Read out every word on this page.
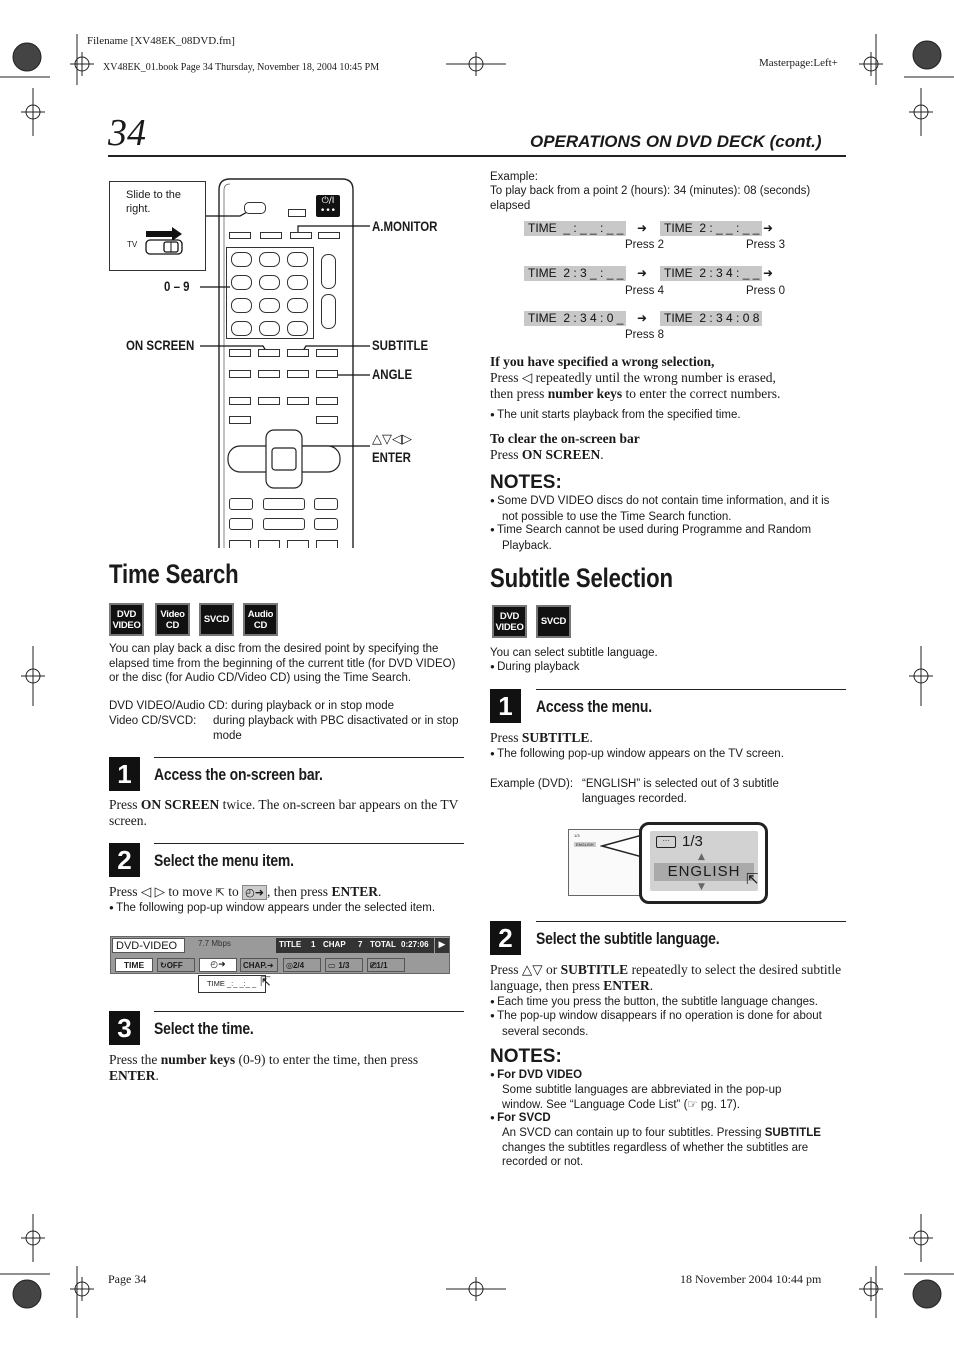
Filename [XV48EK_08DVD.fm]
XV48EK_01.book Page 34 Thursday, November 18, 2004 10:45 PM	Masterpage:Left+
34	OPERATIONS ON DVD DECK (cont.)
Slide to the right.
TV
⏻/I
•••
A.MONITOR
0 – 9
ON SCREEN	SUBTITLE
ANGLE
△▽◁▷
ENTER
Example:
To play back from a point 2 (hours): 34 (minutes): 08 (seconds) elapsed
TIME  _ : _ _ : _ _ ➜	TIME  2 : _ _ : _ _ ➜
Press 2	Press 3
TIME  2 : 3 _ : _ _ ➜	TIME  2 : 3 4 : _ _ ➜
Press 4	Press 0
TIME  2 : 3 4 : 0 _ ➜	TIME  2 : 3 4 : 0 8
Press 8
If you have specified a wrong selection,
Press ◁ repeatedly until the wrong number is erased,
then press number keys to enter the correct numbers.
● The unit starts playback from the specified time.
To clear the on-screen bar
Press ON SCREEN.
NOTES:
● Some DVD VIDEO discs do not contain time information, and it is not possible to use the Time Search function.
● Time Search cannot be used during Programme and Random Playback.
Time Search
DVD
VIDEO
Video
CD	SVCD Audio
CD
You can play back a disc from the desired point by specifying the elapsed time from the beginning of the current title (for DVD VIDEO) or the disc (for Audio CD/Video CD) using the Time Search.
DVD VIDEO/Audio CD: during playback or in stop mode
Video CD/SVCD: during playback with PBC disactivated or in stop mode
1	Access the on-screen bar.
Press ON SCREEN twice. The on-screen bar appears on the TV screen.
2	Select the menu item.
Press ◁ ▷ to move ⇱ to ◴➜ , then press ENTER.
● The following pop-up window appears under the selected item.
DVD-VIDEO	7.7 Mbps	TITLE 1 CHAP 7 TOTAL 0:27:06	▶
TIME	↻OFF	◴➜	CHAP.➜	◎2/4	▭ 1/3	⎚1/1
TIME _:_ _:_ _ ⇱
3	Select the time.
Press the number keys (0-9) to enter the time, then press ENTER.
Subtitle Selection
DVD
VIDEO SVCD
You can select subtitle language.
● During playback
1	Access the menu.
Press SUBTITLE.
● The following pop-up window appears on the TV screen.
Example (DVD): “ENGLISH” is selected out of 3 subtitle languages recorded.
1/3
ENGLISH	··· 1/3
▲
ENGLISH
▼	⇱
2	Select the subtitle language.
Press △▽ or SUBTITLE repeatedly to select the desired subtitle language, then press ENTER.
● Each time you press the button, the subtitle language changes.
● The pop-up window disappears if no operation is done for about several seconds.
NOTES:
● For DVD VIDEO
Some subtitle languages are abbreviated in the pop-up window. See “Language Code List” (☞ pg. 17).
● For SVCD
An SVCD can contain up to four subtitles. Pressing SUBTITLE changes the subtitles regardless of whether the subtitles are recorded or not.
Page 34	18 November 2004 10:44 pm
